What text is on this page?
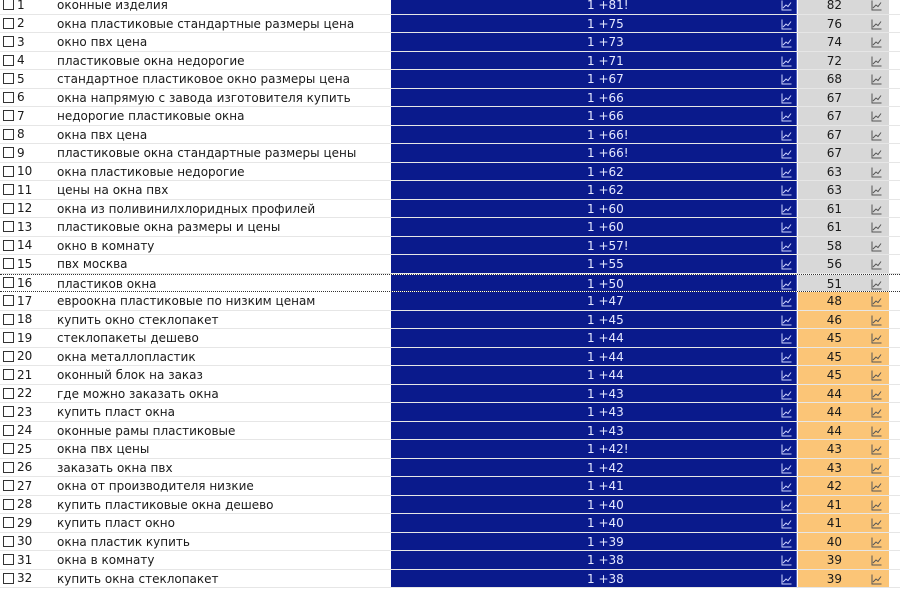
1	оконные изделия	1 +81!	82
2	окна пластиковые стандартные размеры цена	1 +75	76
3	окно пвх цена	1 +73	74
4	пластиковые окна недорогие	1 +71	72
5	стандартное пластиковое окно размеры цена	1 +67	68
6	окна напрямую с завода изготовителя купить	1 +66	67
7	недорогие пластиковые окна	1 +66	67
8	окна пвх цена	1 +66!	67
9	пластиковые окна стандартные размеры цены	1 +66!	67
10 окна пластиковые недорогие	1 +62	63
11 цены на окна пвх	1 +62	63
12 окна из поливинилхлоридных профилей	1 +60	61
13 пластиковые окна размеры и цены	1 +60	61
14 окно в комнату	1 +57!	58
15 пвх москва	1 +55	56
16 пластиков окна	1 +50	51
17 евроокна пластиковые по низким ценам	1 +47	48
18 купить окно стеклопакет	1 +45	46
19 стеклопакеты дешево	1 +44	45
20 окна металлопластик	1 +44	45
21 оконный блок на заказ	1 +44	45
22 где можно заказать окна	1 +43	44
23 купить пласт окна	1 +43	44
24 оконные рамы пластиковые	1 +43	44
25 окна пвх цены	1 +42!	43
26 заказать окна пвх	1 +42	43
27 окна от производителя низкие	1 +41	42
28 купить пластиковые окна дешево	1 +40	41
29 купить пласт окно	1 +40	41
30 окна пластик купить	1 +39	40
31 окна в комнату	1 +38	39
32 купить окна стеклопакет	1 +38	39
